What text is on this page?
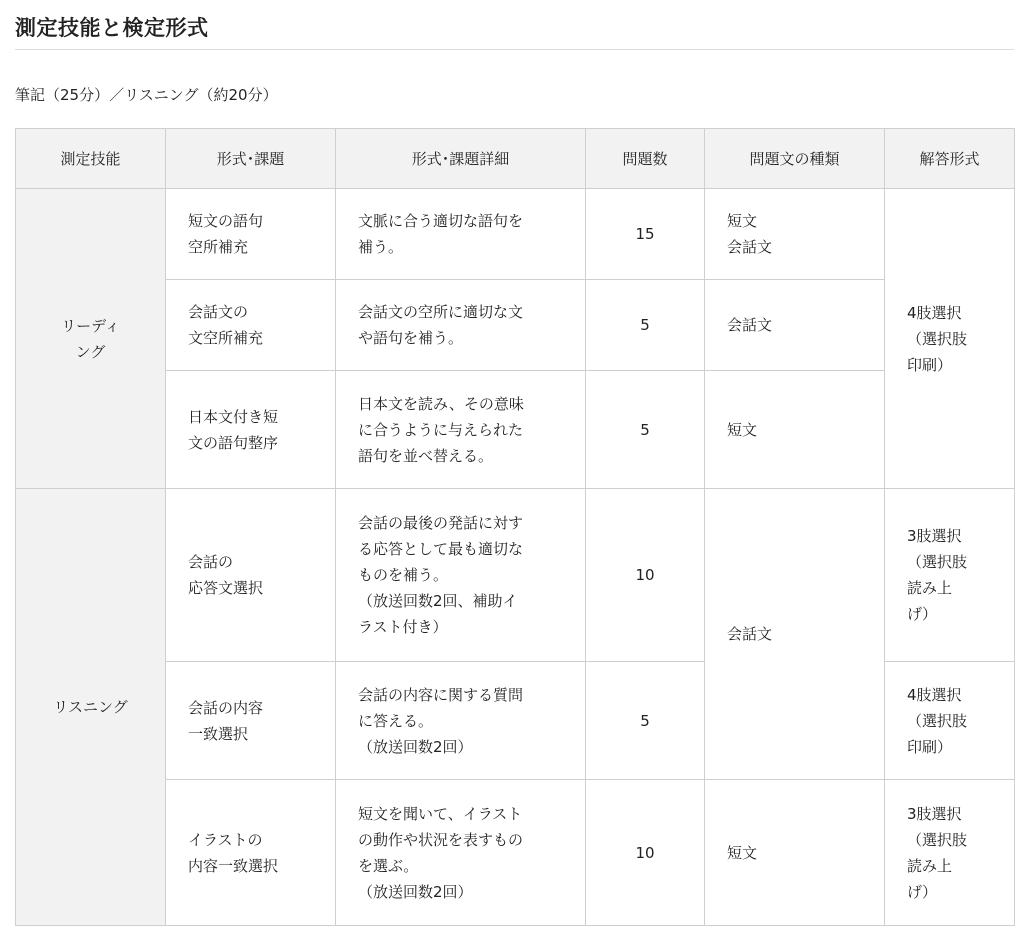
測定技能と検定形式
筆記（25分）／リスニング（約20分）
測定技能	形式･課題	形式･課題詳細	問題数	問題文の種類	解答形式
リーディ
ング	短文の語句
空所補充	文脈に合う適切な語句を
補う。	15	短文
会話文	4肢選択
（選択肢
印刷）
	会話文の
文空所補充	会話文の空所に適切な文
や語句を補う。	5	会話文	
	日本文付き短
文の語句整序	日本文を読み、その意味
に合うように与えられた
語句を並べ替える。	5	短文	
リスニング	会話の
応答文選択	会話の最後の発話に対す
る応答として最も適切な
ものを補う。
（放送回数2回、補助イ
ラスト付き）	10	会話文	3肢選択
（選択肢
読み上
げ）
	会話の内容
一致選択	会話の内容に関する質問
に答える。
（放送回数2回）	5		4肢選択
（選択肢
印刷）
	イラストの
内容一致選択	短文を聞いて、イラスト
の動作や状況を表すもの
を選ぶ。
（放送回数2回）	10	短文	3肢選択
（選択肢
読み上
げ）
